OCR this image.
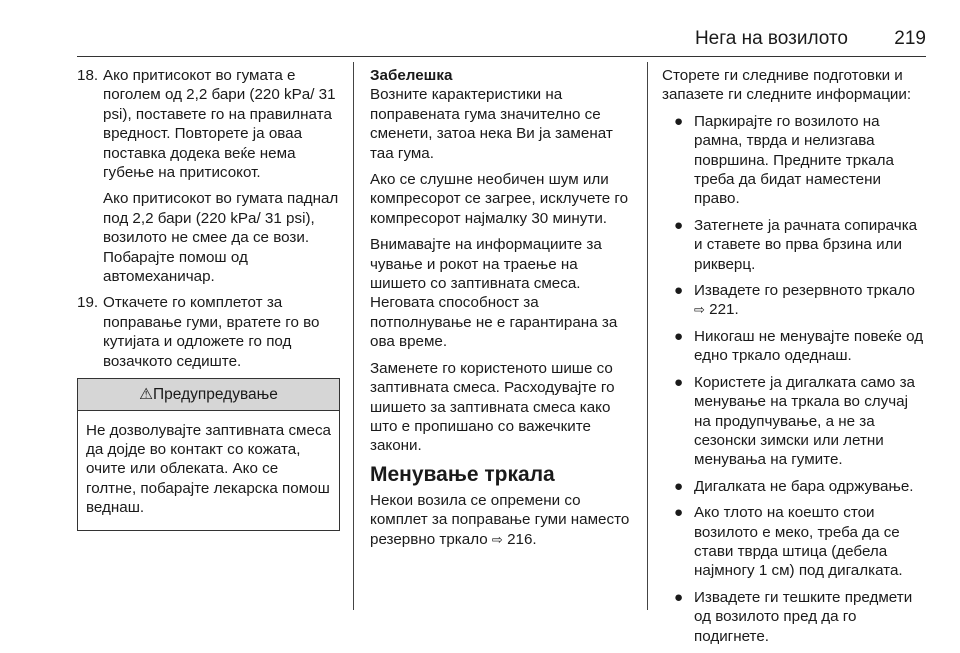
Нега на возилото 219
18. Ако притисокот во гумата е поголем од 2,2 бари (220 kPa/ 31 psi), поставете го на правилната вредност. Повторете ја оваа поставка додека веќе нема губење на притисокот.

Ако притисокот во гумата паднал под 2,2 бари (220 kPa/ 31 psi), возилото не смее да се вози. Побарајте помош од автомеханичар.

19. Откачете го комплетот за поправање гуми, вратете го во кутијата и одложете го под возачкото седиште.

⚠Предупредување
Не дозволувајте заптивната смеса да дојде во контакт со кожата, очите или облеката. Ако се голтне, побарајте лекарска помош веднаш.
Забелешка

Возните карактеристики на поправената гума значително се сменети, затоа нека Ви ја заменат таа гума.

Ако се слушне необичен шум или компресорот се загрее, исклучете го компресорот најмалку 30 минути.

Внимавајте на информациите за чување и рокот на траење на шишето со заптивната смеса. Неговата способност за потполнување не е гарантирана за ова време.

Заменете го користеното шише со заптивната смеса. Расходувајте го шишето за заптивната смеса како што е пропишано со важечките закони.

Менување тркала

Некои возила се опремени со комплет за поправање гуми наместо резервно тркало ⇨ 216.

Сторете ги следниве подготовки и запазете ги следните информации:

● Паркирајте го возилото на рамна, тврда и нелизгава површина. Предните тркала треба да бидат наместени право.
● Затегнете ја рачната сопирачка и ставете во прва брзина или рикверц.
● Извадете го резервното тркало ⇨ 221.
● Никогаш не менувајте повеќе од едно тркало одеднаш.
● Користете ја дигалката само за менување на тркала во случај на продупчување, а не за сезонски зимски или летни менувања на гумите.
● Дигалката не бара одржување.
● Ако тлото на коешто стои возилото е меко, треба да се стави тврда штица (дебела најмногу 1 см) под дигалката.
● Извадете ги тешките предмети од возилото пред да го подигнете.
